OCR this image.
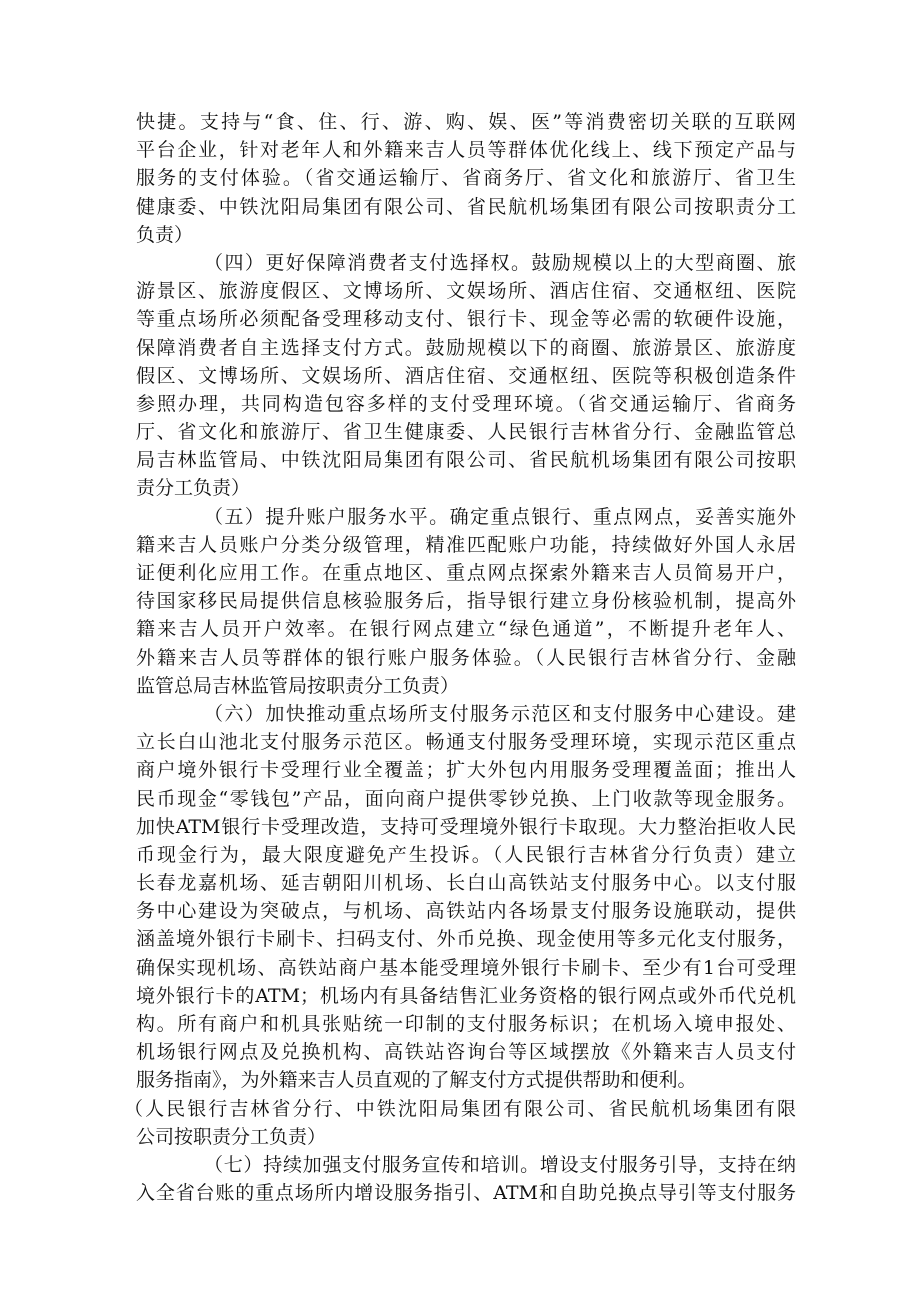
快捷。支持与“食、住、行、游、购、娱、医”等消费密切关联的互联网
平台企业，针对老年人和外籍来吉人员等群体优化线上、线下预定产品与
服务的支付体验。（省交通运输厅、省商务厅、省文化和旅游厅、省卫生
健康委、中铁沈阳局集团有限公司、省民航机场集团有限公司按职责分工
负责）
（四）更好保障消费者支付选择权。鼓励规模以上的大型商圈、旅
游景区、旅游度假区、文博场所、文娱场所、酒店住宿、交通枢纽、医院
等重点场所必须配备受理移动支付、银行卡、现金等必需的软硬件设施，
保障消费者自主选择支付方式。鼓励规模以下的商圈、旅游景区、旅游度
假区、文博场所、文娱场所、酒店住宿、交通枢纽、医院等积极创造条件
参照办理，共同构造包容多样的支付受理环境。（省交通运输厅、省商务
厅、省文化和旅游厅、省卫生健康委、人民银行吉林省分行、金融监管总
局吉林监管局、中铁沈阳局集团有限公司、省民航机场集团有限公司按职
责分工负责）
（五）提升账户服务水平。确定重点银行、重点网点，妥善实施外
籍来吉人员账户分类分级管理，精准匹配账户功能，持续做好外国人永居
证便利化应用工作。在重点地区、重点网点探索外籍来吉人员简易开户，
待国家移民局提供信息核验服务后，指导银行建立身份核验机制，提高外
籍来吉人员开户效率。在银行网点建立“绿色通道”，不断提升老年人、
外籍来吉人员等群体的银行账户服务体验。（人民银行吉林省分行、金融
监管总局吉林监管局按职责分工负责）
（六）加快推动重点场所支付服务示范区和支付服务中心建设。建
立长白山池北支付服务示范区。畅通支付服务受理环境，实现示范区重点
商户境外银行卡受理行业全覆盖；扩大外包内用服务受理覆盖面；推出人
民币现金“零钱包”产品，面向商户提供零钞兑换、上门收款等现金服务。
加快ATM银行卡受理改造，支持可受理境外银行卡取现。大力整治拒收人民
币现金行为，最大限度避免产生投诉。（人民银行吉林省分行负责）建立
长春龙嘉机场、延吉朝阳川机场、长白山高铁站支付服务中心。以支付服
务中心建设为突破点，与机场、高铁站内各场景支付服务设施联动，提供
涵盖境外银行卡刷卡、扫码支付、外币兑换、现金使用等多元化支付服务，
确保实现机场、高铁站商户基本能受理境外银行卡刷卡、至少有1台可受理
境外银行卡的ATM；机场内有具备结售汇业务资格的银行网点或外币代兑机
构。所有商户和机具张贴统一印制的支付服务标识；在机场入境申报处、
机场银行网点及兑换机构、高铁站咨询台等区域摆放《外籍来吉人员支付
服务指南》，为外籍来吉人员直观的了解支付方式提供帮助和便利。
（人民银行吉林省分行、中铁沈阳局集团有限公司、省民航机场集团有限
公司按职责分工负责）
（七）持续加强支付服务宣传和培训。增设支付服务引导，支持在纳
入全省台账的重点场所内增设服务指引、ATM和自助兑换点导引等支付服务
